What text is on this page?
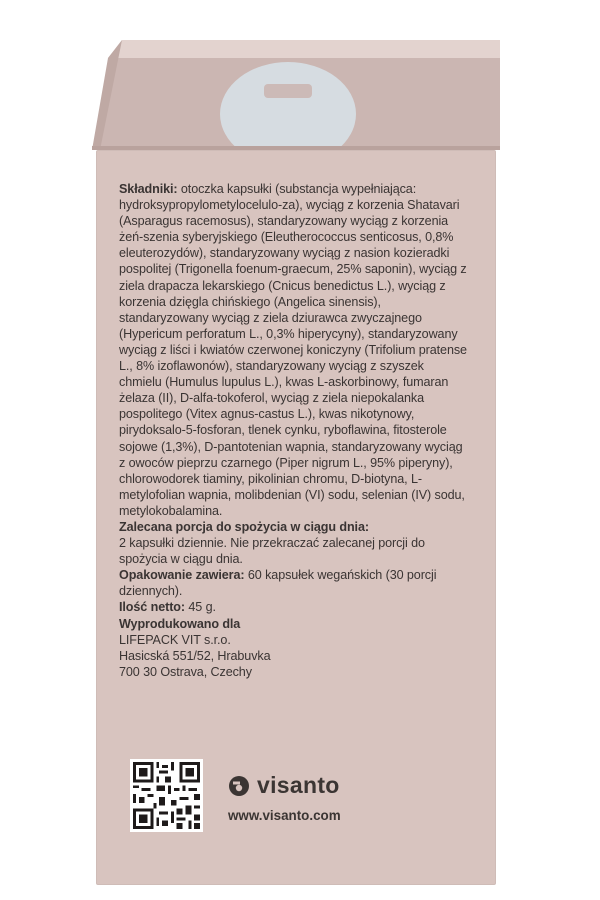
Składniki: otoczka kapsułki (substancja wypełniająca: hydroksypropylometylocelulo-za), wyciąg z korzenia Shatavari (Asparagus racemosus), standaryzowany wyciąg z korzenia żeń-szenia syberyjskiego (Eleutherococcus senticosus, 0,8% eleuterozydów), standaryzowany wyciąg z nasion kozieradki pospolitej (Trigonella foenum-graecum, 25% saponin), wyciąg z ziela drapacza lekarskiego (Cnicus benedictus L.), wyciąg z korzenia dzięgla chińskiego (Angelica sinensis), standaryzowany wyciąg z ziela dziurawca zwyczajnego (Hypericum perforatum L., 0,3% hiperycyny), standaryzowany wyciąg z liści i kwiatów czerwonej koniczyny (Trifolium pratense L., 8% izoflawonów), standaryzowany wyciąg z szyszek chmielu (Humulus lupulus L.), kwas L-askorbinowy, fumaran żelaza (II), D-alfa-tokoferol, wyciąg z ziela niepokalanka pospolitego (Vitex agnus-castus L.), kwas nikotynowy, pirydoksalo-5-fosforan, tlenek cynku, ryboflawina, fitosterole sojowe (1,3%), D-pantotenian wapnia, standaryzowany wyciąg z owoców pieprzu czarnego (Piper nigrum L., 95% piperyny), chlorowodorek tiaminy, pikolinian chromu, D-biotyna, L-metylofolian wapnia, molibdenian (VI) sodu, selenian (IV) sodu, metylokobalamina.

Zalecana porcja do spożycia w ciągu dnia:
2 kapsułki dziennie. Nie przekraczać zalecanej porcji do spożycia w ciągu dnia.

Opakowanie zawiera: 60 kapsułek wegańskich (30 porcji dziennych).

Ilość netto: 45 g.

Wyprodukowano dla
LIFEPACK VIT s.r.o.
Hasicská 551/52, Hrabuvka
700 30 Ostrava, Czechy

visanto
www.visanto.com
